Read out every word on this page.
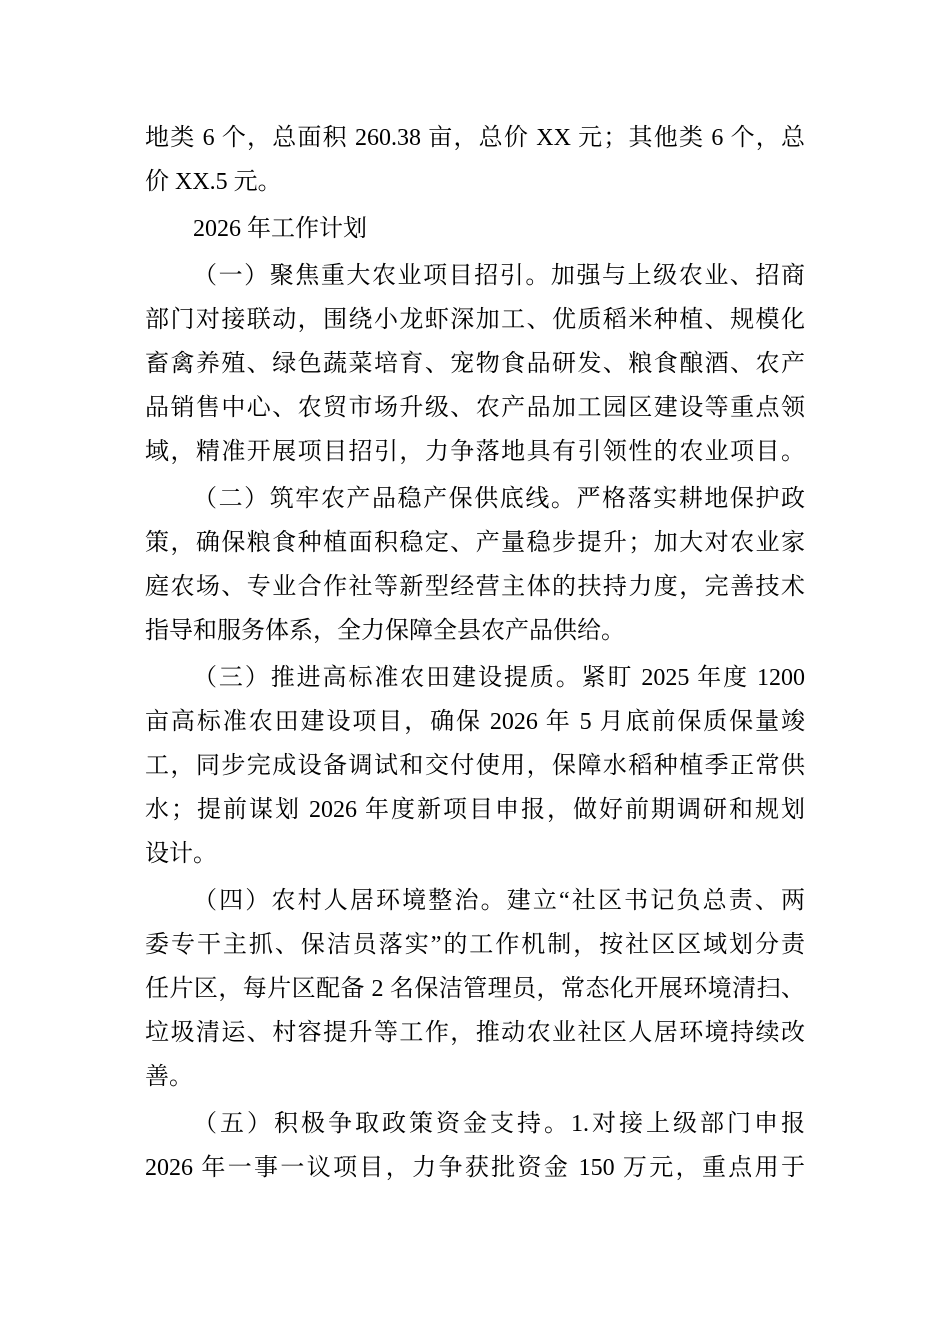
地类 6 个，总面积 260.38 亩，总价 XX 元；其他类 6 个，总
价 XX.5 元。
2026 年工作计划
（一）聚焦重大农业项目招引。加强与上级农业、招商
部门对接联动，围绕小龙虾深加工、优质稻米种植、规模化
畜禽养殖、绿色蔬菜培育、宠物食品研发、粮食酿酒、农产
品销售中心、农贸市场升级、农产品加工园区建设等重点领
域，精准开展项目招引，力争落地具有引领性的农业项目。
（二）筑牢农产品稳产保供底线。严格落实耕地保护政
策，确保粮食种植面积稳定、产量稳步提升；加大对农业家
庭农场、专业合作社等新型经营主体的扶持力度，完善技术
指导和服务体系，全力保障全县农产品供给。
（三）推进高标准农田建设提质。紧盯 2025 年度 1200
亩高标准农田建设项目，确保 2026 年 5 月底前保质保量竣
工，同步完成设备调试和交付使用，保障水稻种植季正常供
水；提前谋划 2026 年度新项目申报，做好前期调研和规划
设计。
（四）农村人居环境整治。建立“社区书记负总责、两
委专干主抓、保洁员落实”的工作机制，按社区区域划分责
任片区，每片区配备 2 名保洁管理员，常态化开展环境清扫、
垃圾清运、村容提升等工作，推动农业社区人居环境持续改
善。
（五）积极争取政策资金支持。1.对接上级部门申报
2026 年一事一议项目，力争获批资金 150 万元，重点用于
